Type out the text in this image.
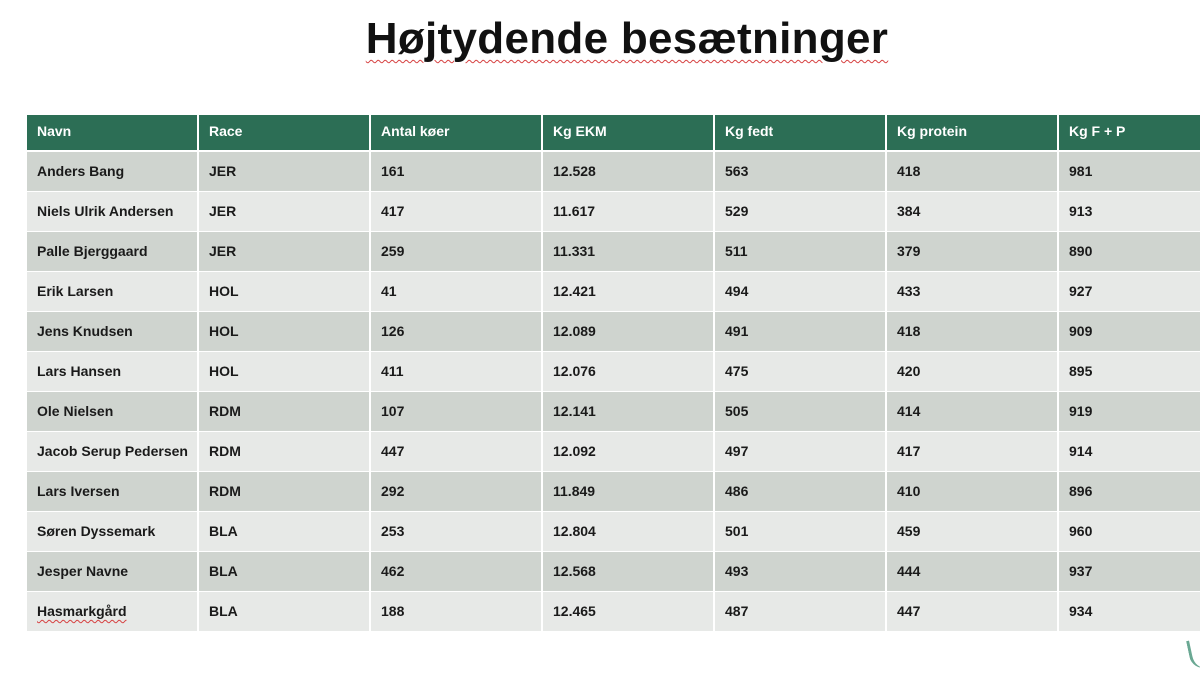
Højtydende besætninger
Navn	Race	Antal køer	Kg EKM	Kg fedt	Kg protein	Kg F + P
Anders Bang	JER	161	12.528	563	418	981
Niels Ulrik Andersen	JER	417	11.617	529	384	913
Palle Bjerggaard	JER	259	11.331	511	379	890
Erik Larsen	HOL	41	12.421	494	433	927
Jens Knudsen	HOL	126	12.089	491	418	909
Lars Hansen	HOL	411	12.076	475	420	895
Ole Nielsen	RDM	107	12.141	505	414	919
Jacob Serup Pedersen	RDM	447	12.092	497	417	914
Lars Iversen	RDM	292	11.849	486	410	896
Søren Dyssemark	BLA	253	12.804	501	459	960
Jesper Navne	BLA	462	12.568	493	444	937
Hasmarkgård	BLA	188	12.465	487	447	934
